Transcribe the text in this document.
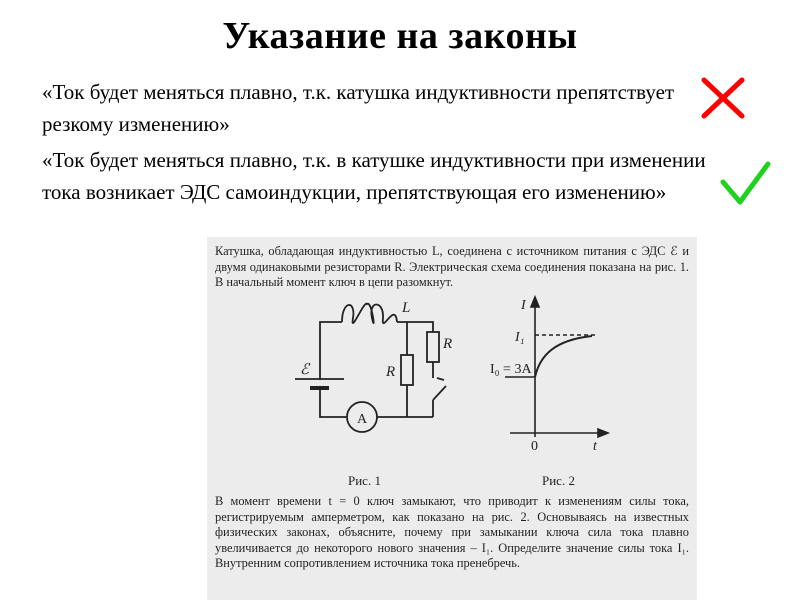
Указание на законы
«Ток будет меняться плавно, т.к. катушка индуктивности препятствует резкому изменению»
«Ток будет меняться плавно, т.к. в катушке индуктивности при изменении тока возникает ЭДС самоиндукции, препятствующая его изменению»
Катушка, обладающая индуктивностью L, соединена с источником питания с ЭДС ℰ и двумя одинаковыми резисторами R. Электрическая схема соединения показана на рис. 1. В начальный момент ключ в цепи разомкнут.
В момент времени t = 0 ключ замыкают, что приводит к изменениям силы тока, регистрируемым амперметром, как показано на рис. 2. Основываясь на известных физических законах, объясните, почему при замыкании ключа сила тока плавно увеличивается до некоторого нового значения – I₁. Определите значение силы тока I₁. Внутренним сопротивлением источника тока пренебречь.
L
ℰ	R
R
A
Рис. 1
I
t
0
I₁
I₀ = 3A
Рис. 2
